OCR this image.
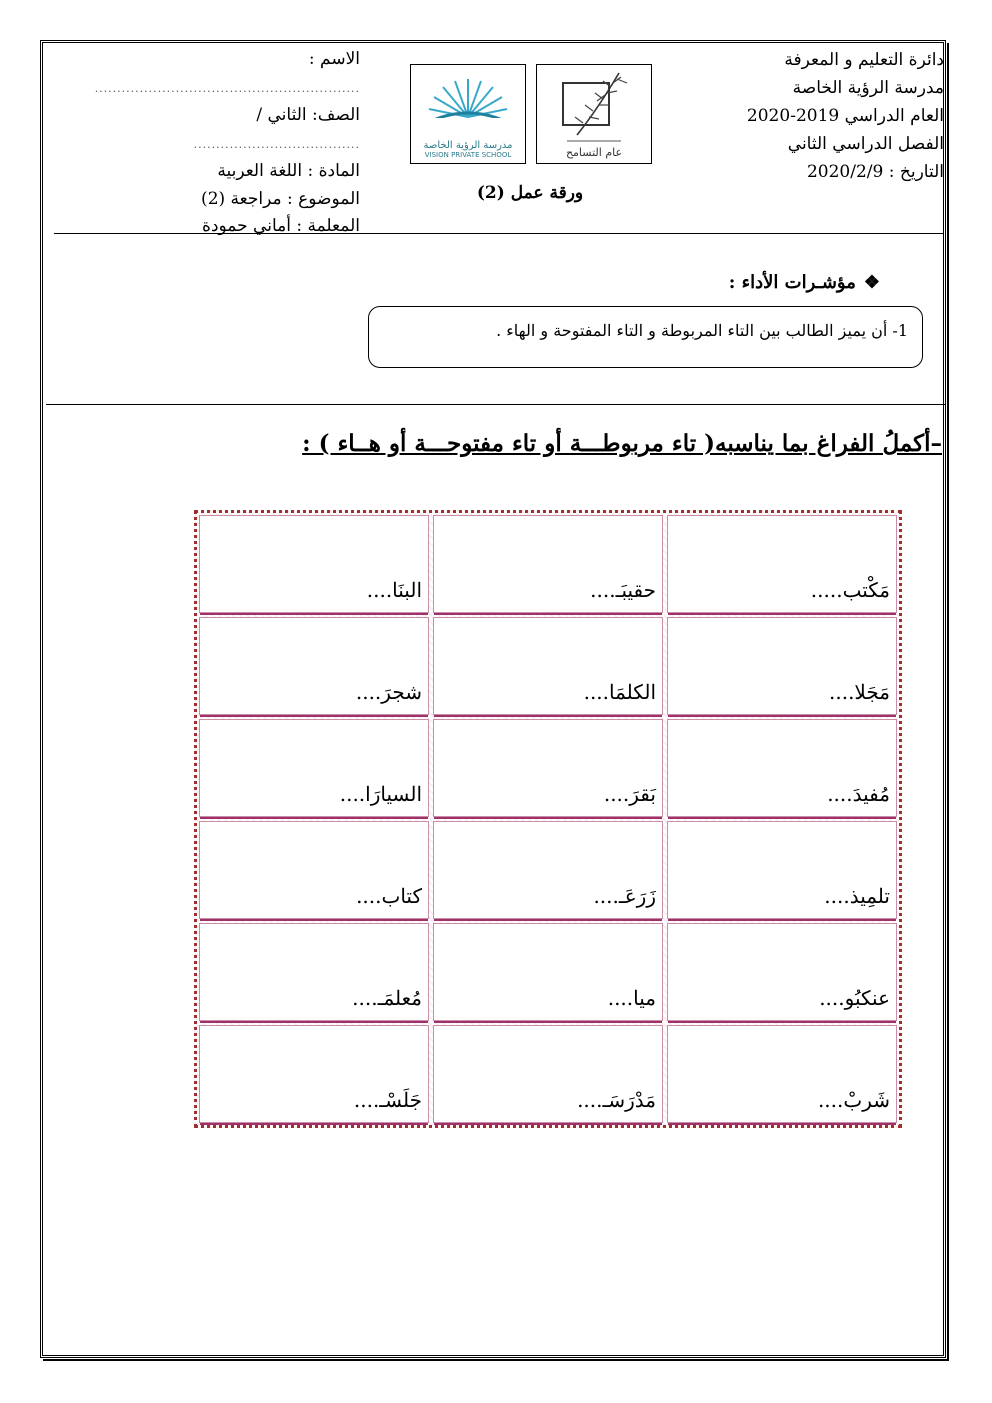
دائرة التعليم و المعرفة
مدرسة الرؤية الخاصة
العام الدراسي 2019-2020
الفصل الدراسي الثاني
التاريخ : 2020/2/9
الاسم : ...........................................................
الصف: الثاني / .....................................
المادة : اللغة العربية
الموضوع : مراجعة (2)
المعلمة : أماني حمودة
مدرسة الرؤية الخاصة
VISION PRIVATE SCHOOL	عام التسامح
ورقة عمل (2)
❖مؤشـرات الأداء :
1- أن يميز الطالب بين التاء المربوطة و التاء المفتوحة و الهاء .
–أكملُ الفراغ بما يناسبه( تاء مربوطـــة أو تاء مفتوحـــة أو هــاء ) :
مَكْتب.....
حقيبَـ....
البنَا....
مَجَلا....
الكلمَا....
شجرَ....
مُفيدَ....
بَقرَ....
السيارَا....
تلمِيذ....
زَرَعَـ....
كتاب....
عنكبُو....
ميا....
مُعلمَـ....
شَربْ....
مَدْرَسَـ....
جَلَسْـ....
